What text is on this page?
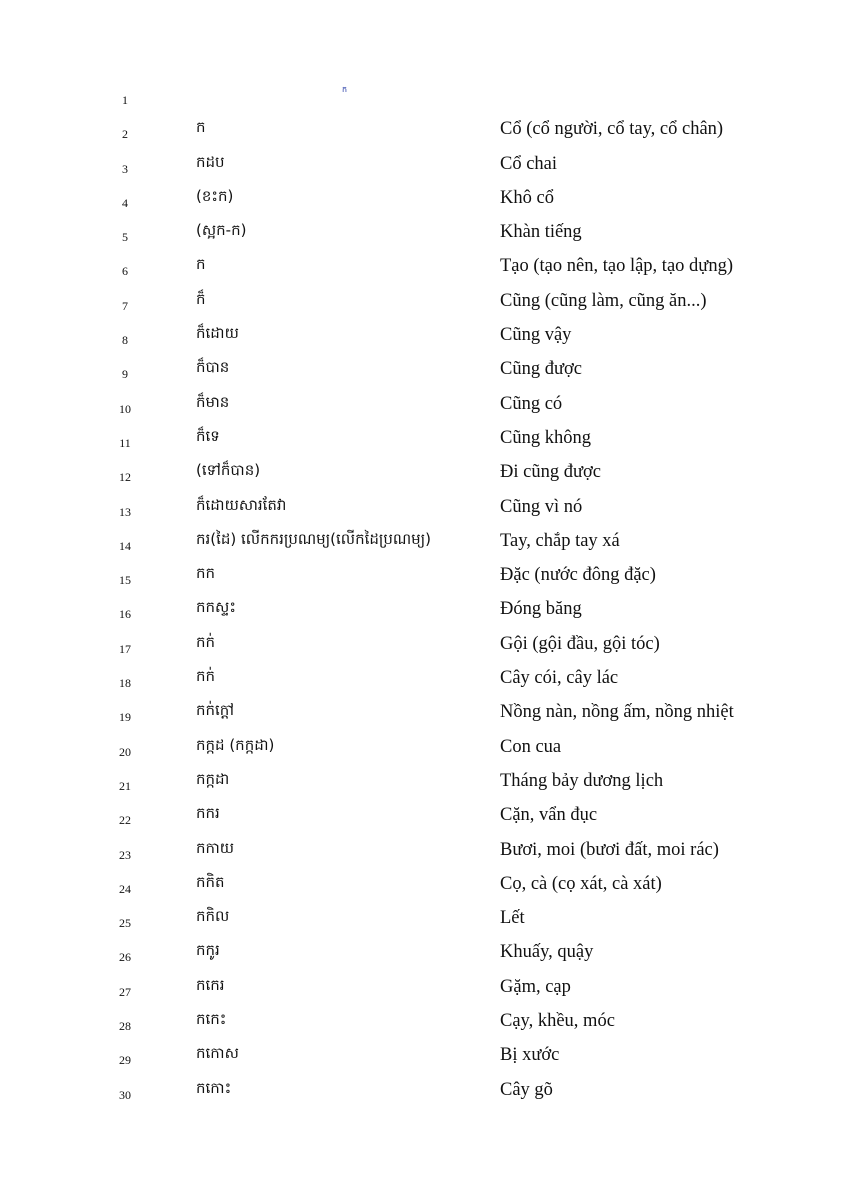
ក
1
2	ក	Cổ (cổ người, cổ tay, cổ chân)
3	កដប	Cổ chai
4	(ខះក)	Khô cổ
5	(ស្អក-ក)	Khàn tiếng
6	ក	Tạo (tạo nên, tạo lập, tạo dựng)
7	ក៏	Cũng (cũng làm, cũng ăn...)
8	ក៏ដោយ	Cũng vậy
9	ក៏បាន	Cũng được
10	ក៏មាន	Cũng có
11	ក៏ទេ	Cũng không
12	(ទៅក៏បាន)	Đi cũng được
13	ក៏ដោយសារតែវា	Cũng vì nó
14	ករ(ដៃ) លើកករប្រណម្យ(លើកដៃប្រណម្យ)	Tay, chắp tay xá
15	កក	Đặc (nước đông đặc)
16	កកស្ទះ	Đóng băng
17	កក់	Gội (gội đầu, gội tóc)
18	កក់	Cây cói, cây lác
19	កក់ក្ដៅ	Nồng nàn, nồng ấm, nồng nhiệt
20	កក្កដ (កក្កដា)	Con cua
21	កក្កដា	Tháng bảy dương lịch
22	កករ	Cặn, vẩn đục
23	កកាយ	Bươi, moi (bươi đất, moi rác)
24	កកិត	Cọ, cà (cọ xát, cà xát)
25	កកិល	Lết
26	កកូរ	Khuấy, quậy
27	កកេរ	Gặm, cạp
28	កកេះ	Cạy, khều, móc
29	កកោស	Bị xước
30	កកោះ	Cây gõ
